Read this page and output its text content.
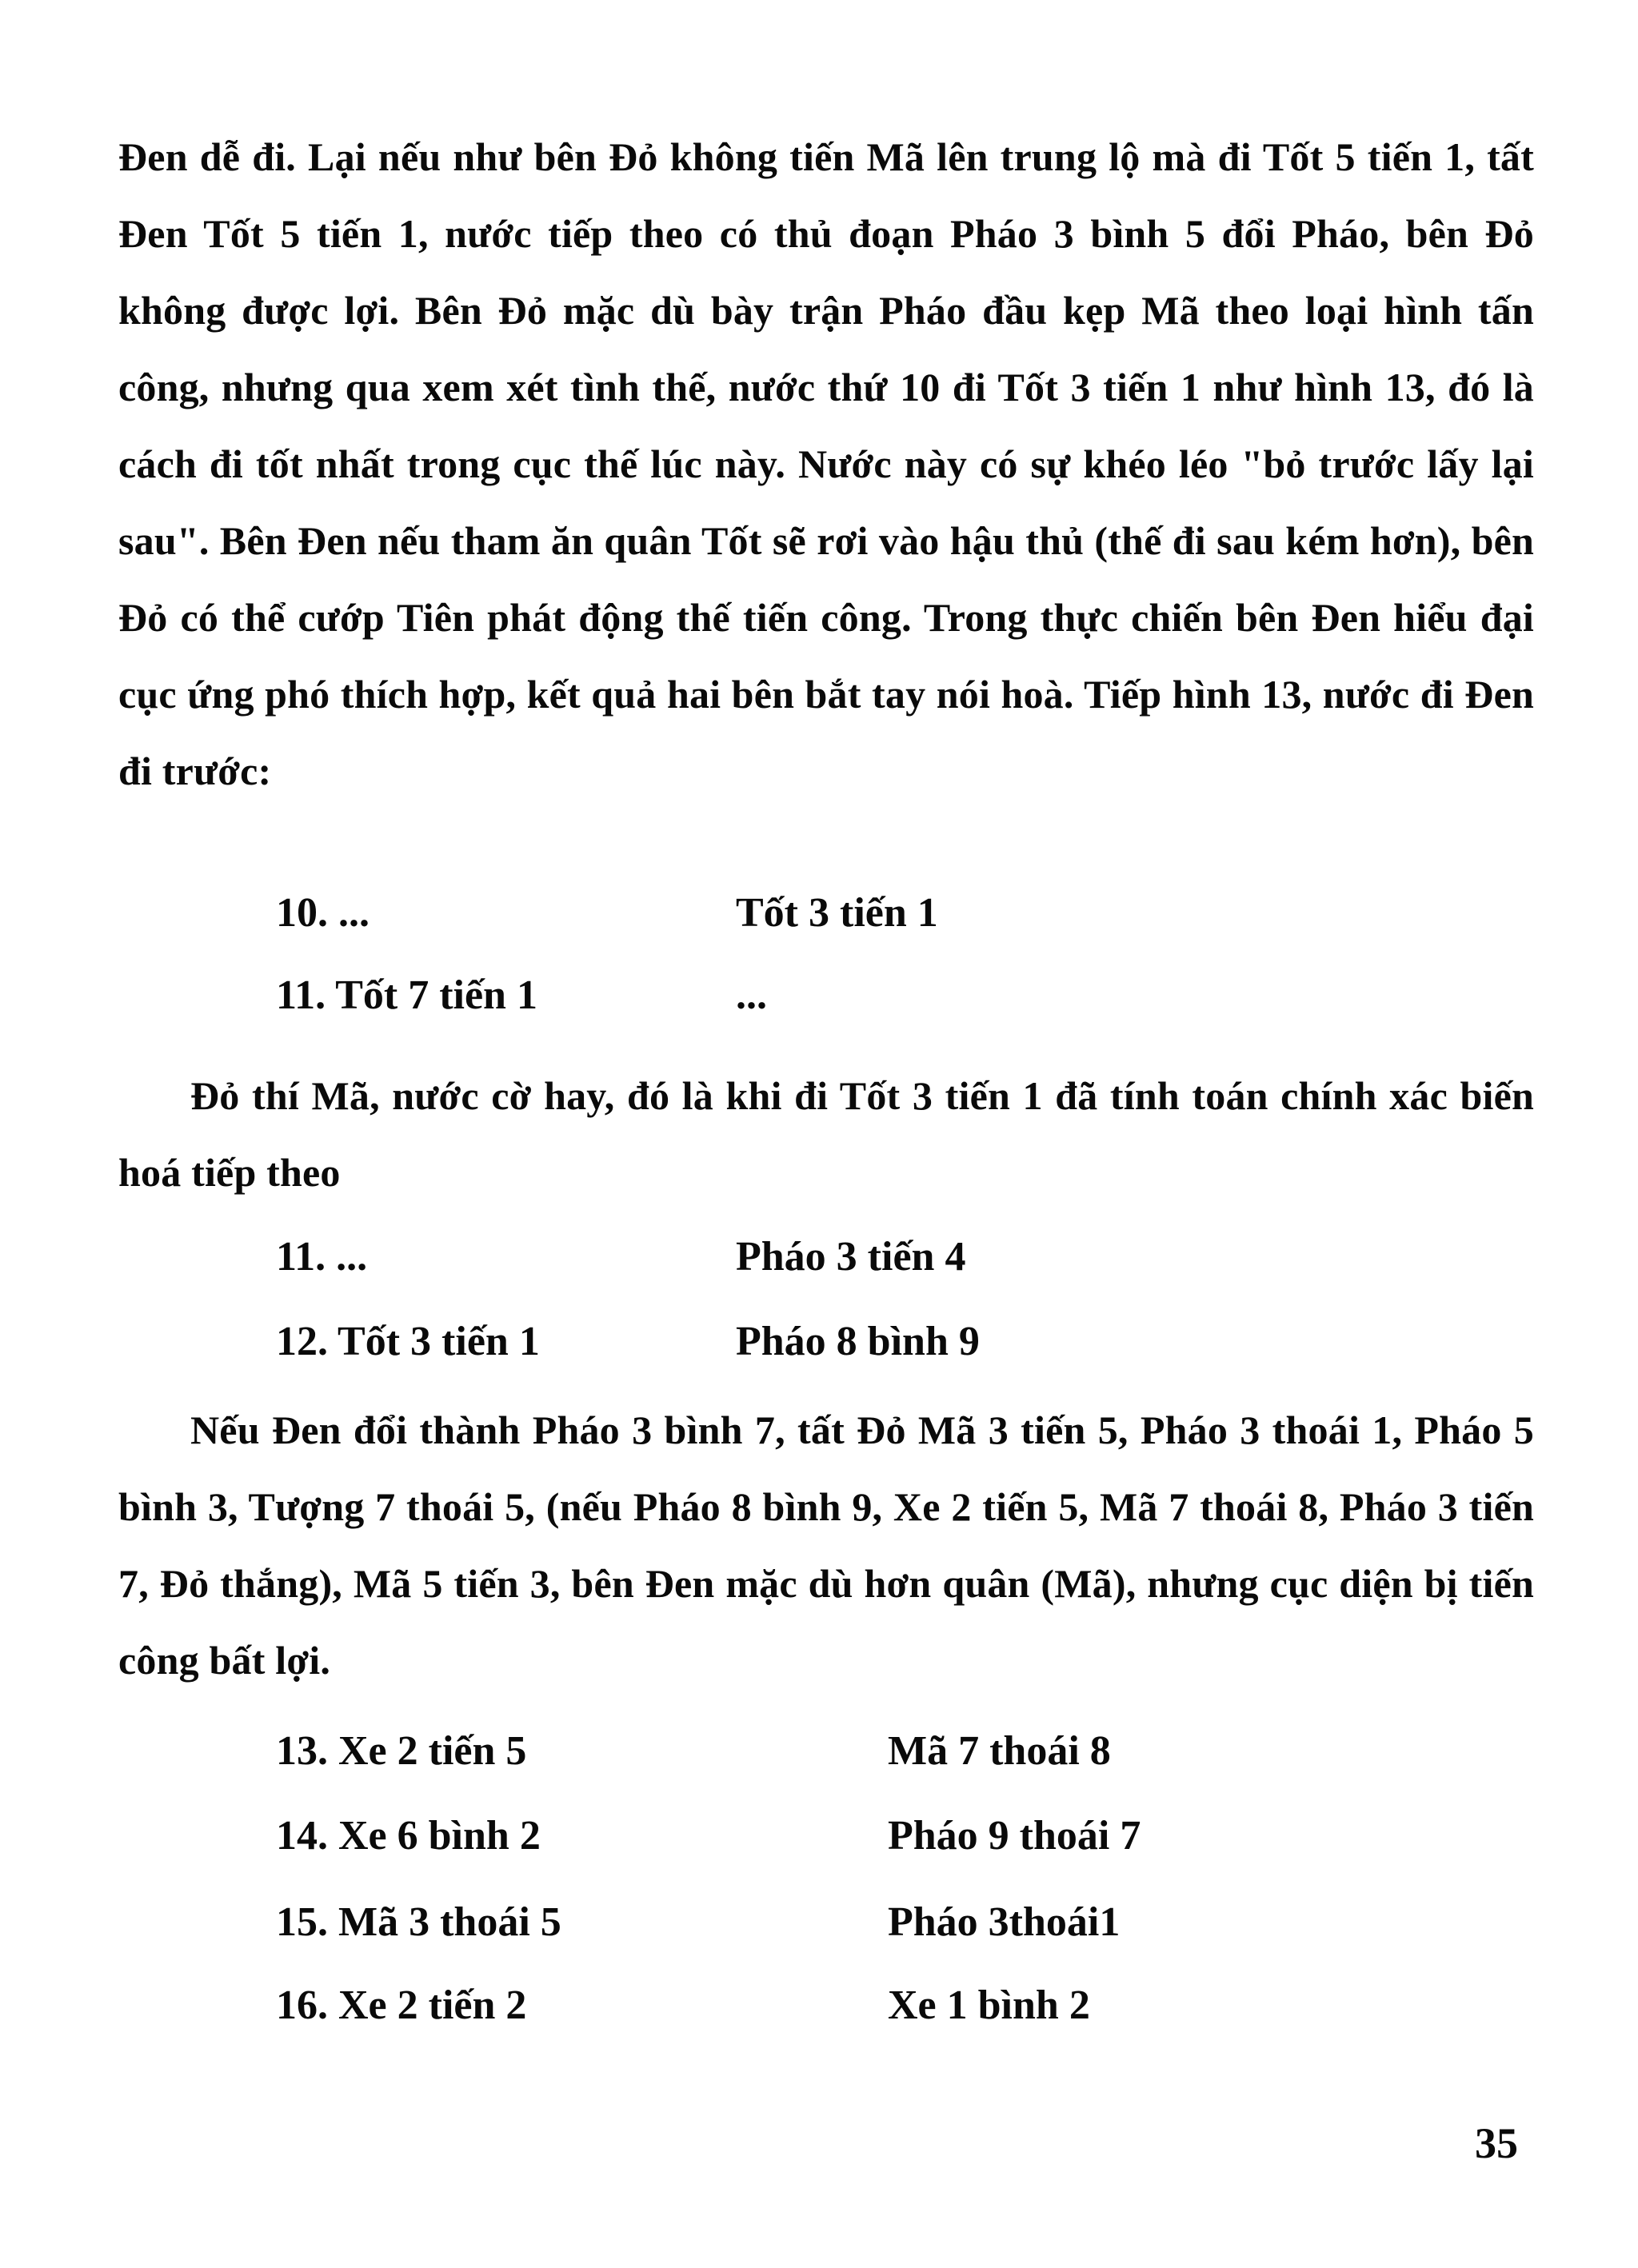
Đen dễ đi. Lại nếu như bên Đỏ không tiến Mã lên trung lộ mà đi Tốt 5 tiến 1, tất Đen Tốt 5 tiến 1, nước tiếp theo có thủ đoạn Pháo 3 bình 5 đổi Pháo, bên Đỏ không được lợi. Bên Đỏ mặc dù bày trận Pháo đầu kẹp Mã theo loại hình tấn công, nhưng qua xem xét tình thế, nước thứ 10 đi Tốt 3 tiến 1 như hình 13, đó là cách đi tốt nhất trong cục thế lúc này. Nước này có sự khéo léo "bỏ trước lấy lại sau". Bên Đen nếu tham ăn quân Tốt sẽ rơi vào hậu thủ (thế đi sau kém hơn), bên Đỏ có thể cướp Tiên phát động thế tiến công. Trong thực chiến bên Đen hiểu đại cục ứng phó thích hợp, kết quả hai bên bắt tay nói hoà. Tiếp hình 13, nước đi Đen đi trước:

10. ...	Tốt 3 tiến 1
11. Tốt 7 tiến 1	...

Đỏ thí Mã, nước cờ hay, đó là khi đi Tốt 3 tiến 1 đã tính toán chính xác biến hoá tiếp theo

11. ...	Pháo 3 tiến 4
12. Tốt 3 tiến 1	Pháo 8 bình 9

Nếu Đen đổi thành Pháo 3 bình 7, tất Đỏ Mã 3 tiến 5, Pháo 3 thoái 1, Pháo 5 bình 3, Tượng 7 thoái 5, (nếu Pháo 8 bình 9, Xe 2 tiến 5, Mã 7 thoái 8, Pháo 3 tiến 7, Đỏ thắng), Mã 5 tiến 3, bên Đen mặc dù hơn quân (Mã), nhưng cục diện bị tiến công bất lợi.

13. Xe 2 tiến 5	Mã 7 thoái 8
14. Xe 6 bình 2	Pháo 9 thoái 7
15. Mã 3 thoái 5	Pháo 3thoái1
16. Xe 2 tiến 2	Xe 1 bình 2
35
